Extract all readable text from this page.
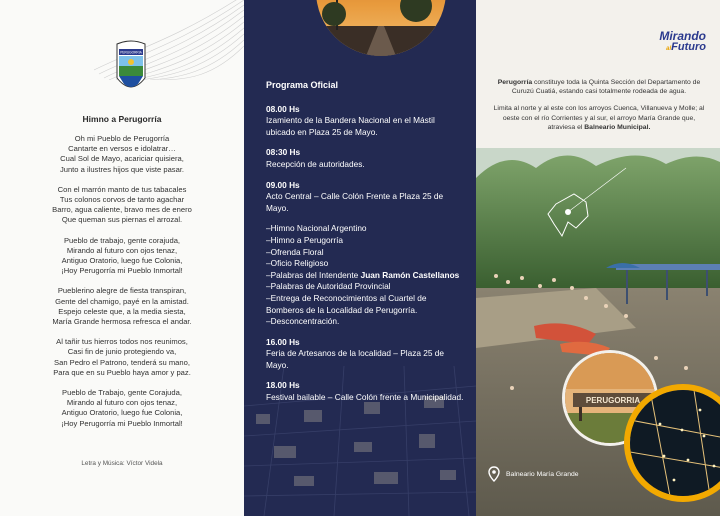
PERUGORRIA
Himno a Perugorría
Oh mi Pueblo de Perugorría
Cantarte en versos e idolatrar…
Cual Sol de Mayo, acariciar quisiera,
Junto a ilustres hijos que viste pasar.
Con el marrón manto de tus tabacales
Tus colonos corvos de tanto agachar
Barro, agua caliente, bravo mes de enero
Que queman sus piernas el arrozal.
Pueblo de trabajo, gente corajuda,
Mirando al futuro con ojos tenaz,
Antiguo Oratorio, luego fue Colonia,
¡Hoy Perugorría mi Pueblo Inmortal!
Pueblerino alegre de fiesta transpiran,
Gente del chamigo, payé en la amistad.
Espejo celeste que, a la media siesta,
María Grande hermosa refresca el andar.
Al tañir tus hierros todos nos reunimos,
Casi fin de junio protegiendo va,
San Pedro el Patrono, tenderá su mano,
Para que en su Pueblo haya amor y paz.
Pueblo de Trabajo, gente Corajuda,
Mirando al futuro con ojos tenaz,
Antiguo Oratorio, luego fue Colonia,
¡Hoy Perugorría mi Pueblo Inmortal!
Letra y Música: Víctor Videla
Programa Oficial
08.00 Hs
Izamiento de la Bandera Nacional en el Mástil ubicado en Plaza 25 de Mayo.
08:30 Hs
Recepción de autoridades.
09.00 Hs
Acto Central – Calle Colón Frente a Plaza 25 de Mayo.
–Himno Nacional Argentino
–Himno a Perugorría
–Ofrenda Floral
–Oficio Religioso
–Palabras del Intendente Juan Ramón Castellanos
–Palabras de Autoridad Provincial
–Entrega de Reconocimientos al Cuartel de Bomberos de la Localidad de Perugorría.
–Desconcentración.
16.00 Hs
Feria de Artesanos de la localidad – Plaza 25 de Mayo.
18.00 Hs
Festival bailable – Calle Colón frente a Municipalidad.
Mirando
alFuturo

Perugorría constituye toda la Quinta Sección del Departamento de Curuzú Cuatiá, estando casi totalmente rodeada de agua.

Limita al norte y al este con los arroyos Cuenca, Villanueva y Molle; al oeste con el río Corrientes y al sur, el arroyo María Grande que, atraviesa el Balneario Municipal.

PERUGORRIA
Balneario María Grande
